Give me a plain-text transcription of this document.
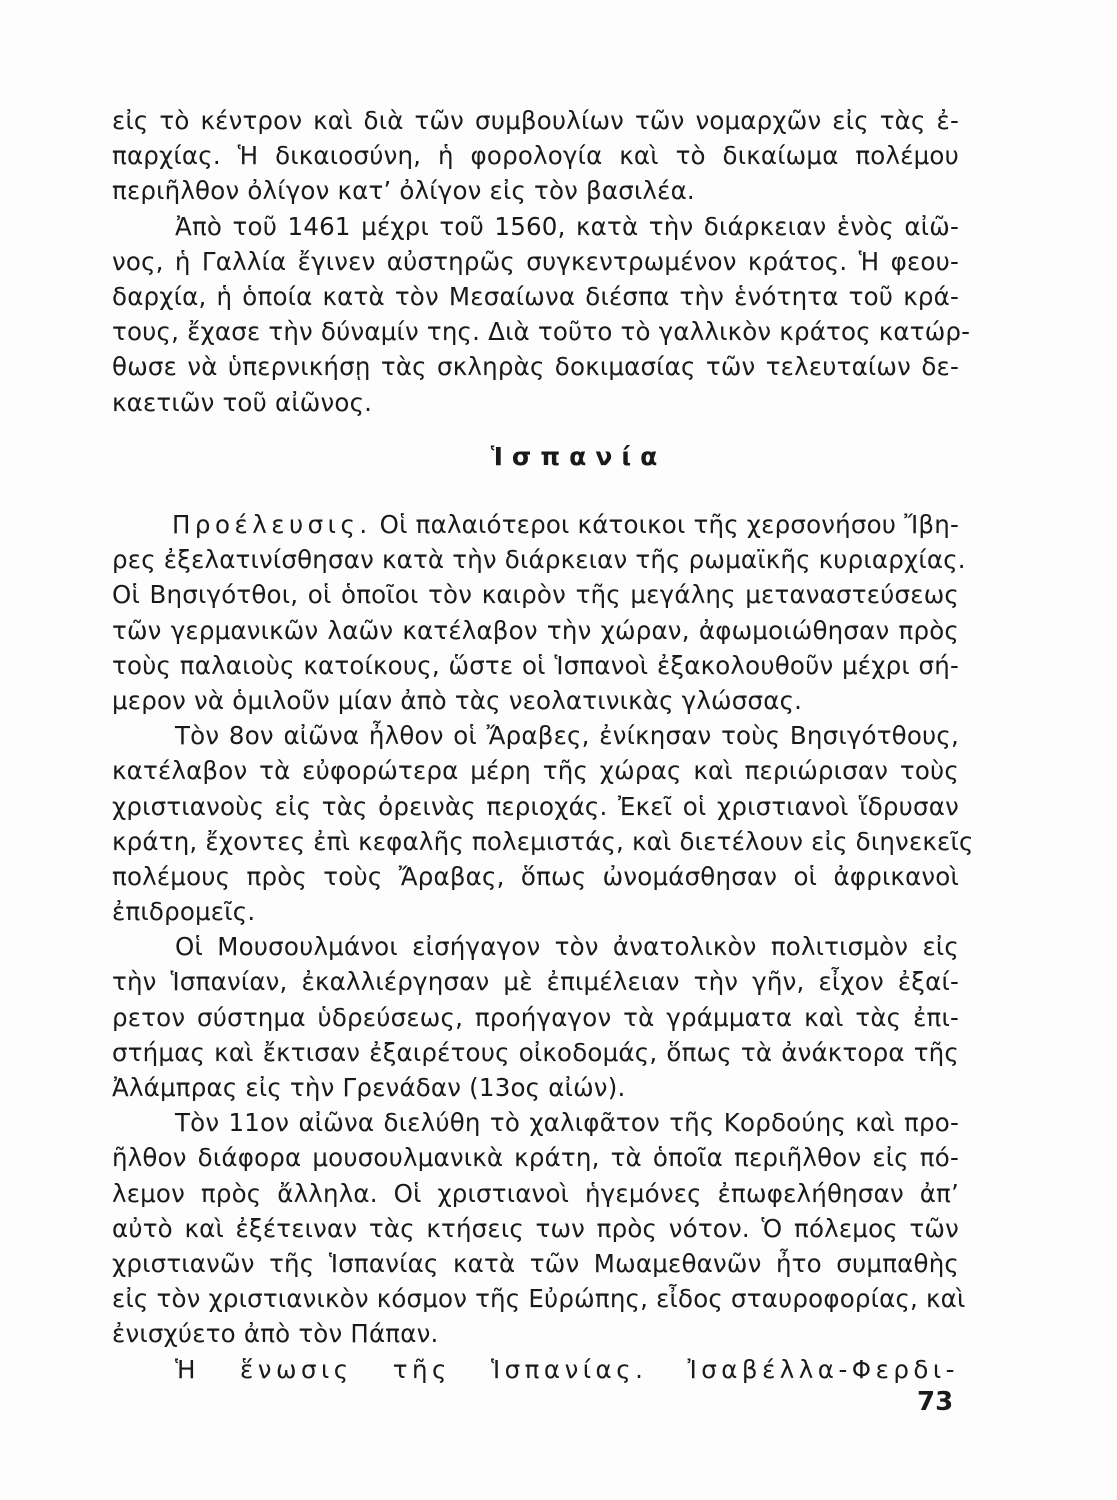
εἰς τὸ κέντρον καὶ διὰ τῶν συμβουλίων τῶν νομαρχῶν εἰς τὰς ἐ-
παρχίας. Ἡ δικαιοσύνη, ἡ φορολογία καὶ τὸ δικαίωμα πολέμου
περιῆλθον ὀλίγον κατ’ ὀλίγον εἰς τὸν βασιλέα.
Ἀπὸ τοῦ 1461 μέχρι τοῦ 1560, κατὰ τὴν διάρκειαν ἑνὸς αἰῶ-
νος, ἡ Γαλλία ἔγινεν αὐστηρῶς συγκεντρωμένον κράτος. Ἡ φεου-
δαρχία, ἡ ὁποία κατὰ τὸν Μεσαίωνα διέσπα τὴν ἑνότητα τοῦ κρά-
τους, ἔχασε τὴν δύναμίν της. Διὰ τοῦτο τὸ γαλλικὸν κράτος κατώρ-
θωσε νὰ ὑπερνικήσῃ τὰς σκληρὰς δοκιμασίας τῶν τελευταίων δε-
καετιῶν τοῦ αἰῶνος.
Ἱσπανία
Προέλευσις. Οἱ παλαιότεροι κάτοικοι τῆς χερσονήσου Ἴβη-
ρες ἐξελατινίσθησαν κατὰ τὴν διάρκειαν τῆς ρωμαϊκῆς κυριαρχίας.
Οἱ Βησιγότθοι, οἱ ὁποῖοι τὸν καιρὸν τῆς μεγάλης μεταναστεύσεως
τῶν γερμανικῶν λαῶν κατέλαβον τὴν χώραν, ἀφωμοιώθησαν πρὸς
τοὺς παλαιοὺς κατοίκους, ὥστε οἱ Ἱσπανοὶ ἐξακολουθοῦν μέχρι σή-
μερον νὰ ὁμιλοῦν μίαν ἀπὸ τὰς νεολατινικὰς γλώσσας.
Τὸν 8ον αἰῶνα ἦλθον οἱ Ἄραβες, ἐνίκησαν τοὺς Βησιγότθους,
κατέλαβον τὰ εὐφορώτερα μέρη τῆς χώρας καὶ περιώρισαν τοὺς
χριστιανοὺς εἰς τὰς ὀρεινὰς περιοχάς. Ἐκεῖ οἱ χριστιανοὶ ἵδρυσαν
κράτη, ἔχοντες ἐπὶ κεφαλῆς πολεμιστάς, καὶ διετέλουν εἰς διηνεκεῖς
πολέμους πρὸς τοὺς Ἄραβας, ὅπως ὠνομάσθησαν οἱ ἀφρικανοὶ
ἐπιδρομεῖς.
Οἱ Μουσουλμάνοι εἰσήγαγον τὸν ἀνατολικὸν πολιτισμὸν εἰς
τὴν Ἱσπανίαν, ἐκαλλιέργησαν μὲ ἐπιμέλειαν τὴν γῆν, εἶχον ἐξαί-
ρετον σύστημα ὑδρεύσεως, προήγαγον τὰ γράμματα καὶ τὰς ἐπι-
στήμας καὶ ἔκτισαν ἐξαιρέτους οἰκοδομάς, ὅπως τὰ ἀνάκτορα τῆς
Ἀλάμπρας εἰς τὴν Γρενάδαν (13ος αἰών).
Τὸν 11ον αἰῶνα διελύθη τὸ χαλιφᾶτον τῆς Κορδούης καὶ προ-
ῆλθον διάφορα μουσουλμανικὰ κράτη, τὰ ὁποῖα περιῆλθον εἰς πό-
λεμον πρὸς ἄλληλα. Οἱ χριστιανοὶ ἡγεμόνες ἐπωφελήθησαν ἀπ’
αὐτὸ καὶ ἐξέτειναν τὰς κτήσεις των πρὸς νότον. Ὁ πόλεμος τῶν
χριστιανῶν τῆς Ἱσπανίας κατὰ τῶν Μωαμεθανῶν ἦτο συμπαθὴς
εἰς τὸν χριστιανικὸν κόσμον τῆς Εὐρώπης, εἶδος σταυροφορίας, καὶ
ἐνισχύετο ἀπὸ τὸν Πάπαν.
Ἡ ἕνωσις τῆς Ἱσπανίας. Ἰσαβέλλα-Φερδι-
73
